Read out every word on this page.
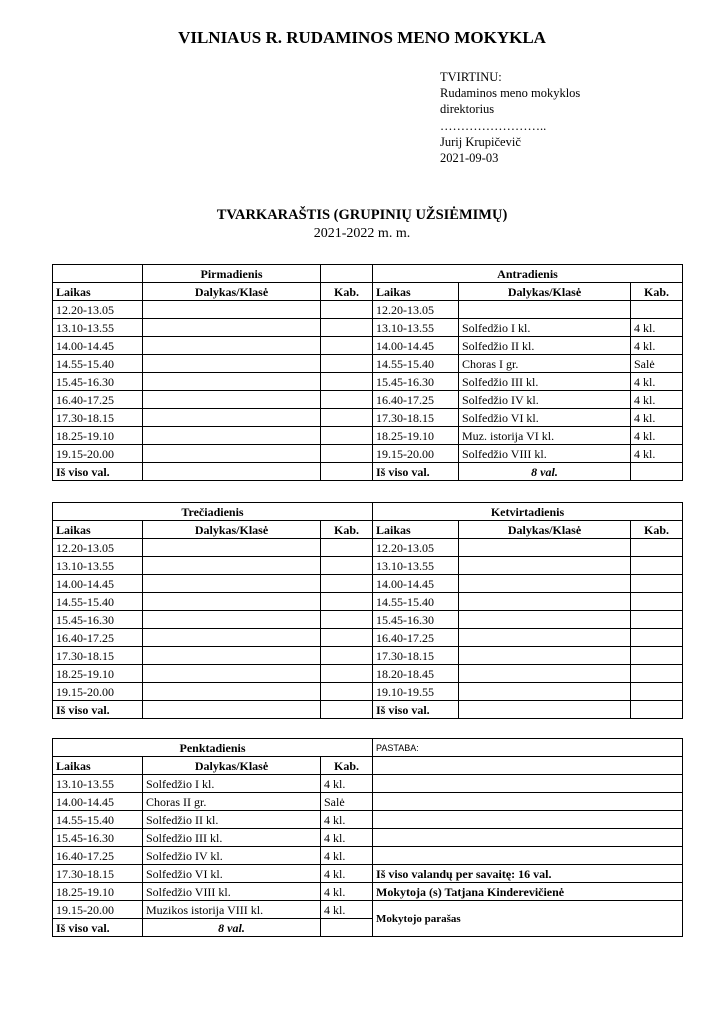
VILNIAUS R. RUDAMINOS MENO MOKYKLA
TVIRTINU:
Rudaminos meno mokyklos
direktorius
……………………..
Jurij Krupičevič
2021-09-03
TVARKARAŠTIS (GRUPINIŲ UŽSIĖMIMŲ)
2021-2022 m. m.
	Pirmadienis		Antradienis		
Laikas	Dalykas/Klasė	Kab.	Laikas	Dalykas/Klasė	Kab.
12.20-13.05			12.20-13.05		
13.10-13.55			13.10-13.55	Solfedžio I kl.	4 kl.
14.00-14.45			14.00-14.45	Solfedžio II kl.	4 kl.
14.55-15.40			14.55-15.40	Choras I gr.	Salė
15.45-16.30			15.45-16.30	Solfedžio III kl.	4 kl.
16.40-17.25			16.40-17.25	Solfedžio IV kl.	4 kl.
17.30-18.15			17.30-18.15	Solfedžio VI kl.	4 kl.
18.25-19.10			18.25-19.10	Muz. istorija VI kl.	4 kl.
19.15-20.00			19.15-20.00	Solfedžio VIII kl.	4 kl.
Iš viso val.			Iš viso val.	8 val.	
Trečiadienis			Ketvirtadienis		
Laikas	Dalykas/Klasė	Kab.	Laikas	Dalykas/Klasė	Kab.
12.20-13.05			12.20-13.05		
13.10-13.55			13.10-13.55		
14.00-14.45			14.00-14.45		
14.55-15.40			14.55-15.40		
15.45-16.30			15.45-16.30		
16.40-17.25			16.40-17.25		
17.30-18.15			17.30-18.15		
18.25-19.10			18.20-18.45		
19.15-20.00			19.10-19.55		
Iš viso val.			Iš viso val.		
Penktadienis			PASTABA:
Laikas	Dalykas/Klasė	Kab.	
13.10-13.55	Solfedžio I kl.	4 kl.	
14.00-14.45	Choras II gr.	Salė	
14.55-15.40	Solfedžio II kl.	4 kl.	
15.45-16.30	Solfedžio III kl.	4 kl.	
16.40-17.25	Solfedžio IV kl.	4 kl.	
17.30-18.15	Solfedžio VI kl.	4 kl.	Iš viso valandų per savaitę: 16 val.
18.25-19.10	Solfedžio VIII kl.	4 kl.	Mokytoja (s) Tatjana Kinderevičienė
19.15-20.00	Muzikos istorija VIII kl.	4 kl.	Mokytojo parašas
Iš viso val.	8 val.		
